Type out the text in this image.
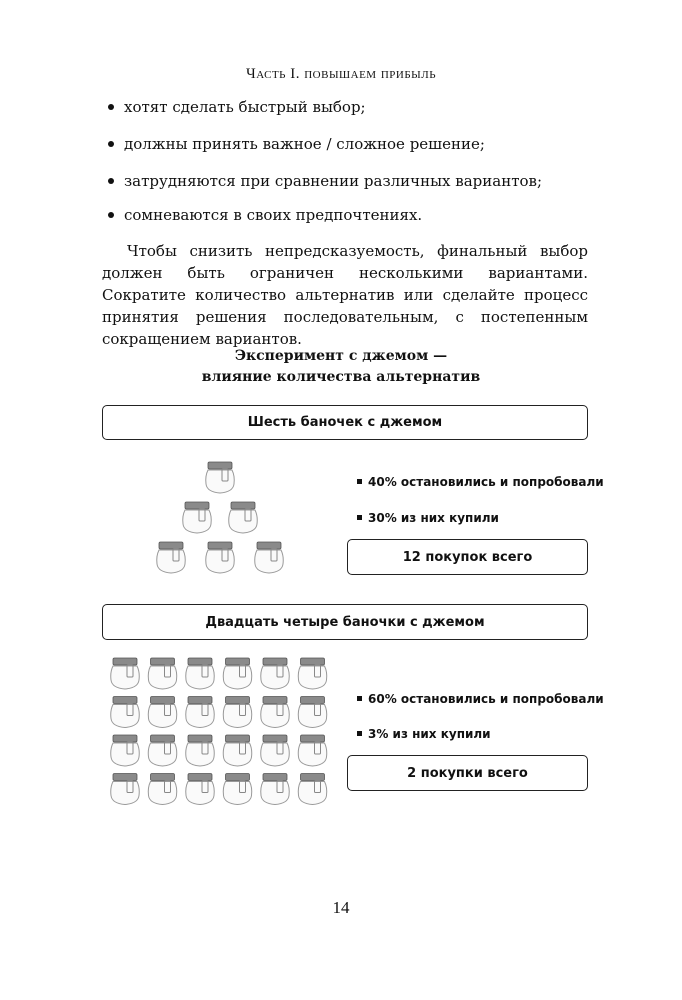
Часть I. повышаем прибыль
хотят сделать быстрый выбор;
должны принять важное / сложное решение;
затрудняются при сравнении различных вариантов;
сомневаются в своих предпочтениях.
Чтобы снизить непредсказуемость, финальный выбор должен быть ограничен несколькими вариантами. Сократите количество альтернатив или сделайте процесс принятия решения последовательным, с постепенным сокращением вариантов.
Эксперимент с джемом —
влияние количества альтернатив
Шесть баночек с джемом
40% остановились и попробовали
30% из них купили
12 покупок всего
Двадцать четыре баночки с джемом
60% остановились и попробовали
3% из них купили
2 покупки всего
14
